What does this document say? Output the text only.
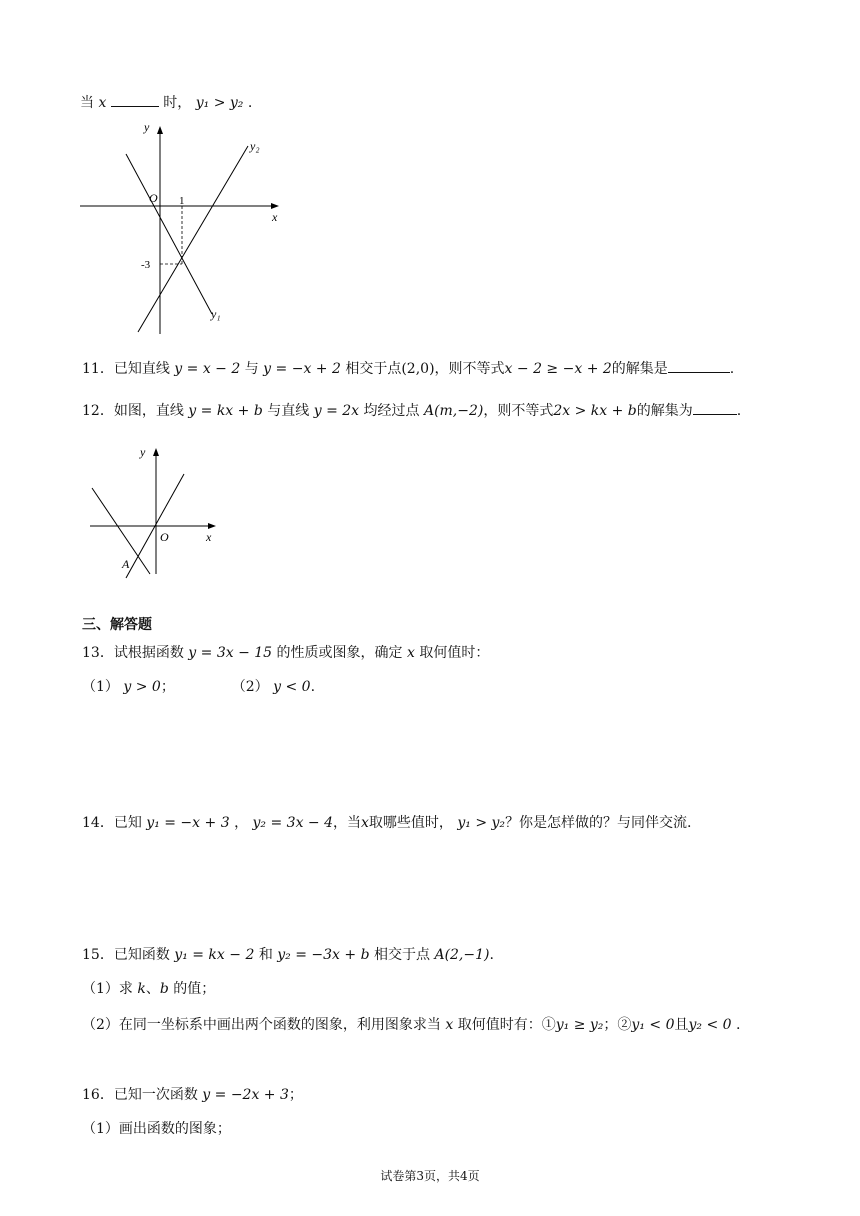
当 x	时， y₁ > y₂ .
y
x
O 1
-3
y₂
y₁
11．已知直线 y = x − 2 与 y = −x + 2 相交于点(2,0)，则不等式x − 2 ≥ −x + 2的解集是	.
12．如图，直线 y = kx + b 与直线 y = 2x 均经过点 A(m,−2)，则不等式2x > kx + b的解集为	.
y
x
O
A
三、解答题
13．试根据函数 y = 3x − 15 的性质或图象，确定 x 取何值时：
（1） y > 0；	（2） y < 0.
14．已知 y₁ = −x + 3 ， y₂ = 3x − 4，当x取哪些值时， y₁ > y₂？你是怎样做的？与同伴交流.
15．已知函数 y₁ = kx − 2 和 y₂ = −3x + b 相交于点 A(2,−1).
（1）求 k、b 的值；
（2）在同一坐标系中画出两个函数的图象，利用图象求当 x 取何值时有：①y₁ ≥ y₂；②y₁ < 0且y₂ < 0 .
16．已知一次函数 y = −2x + 3；
（1）画出函数的图象；
试卷第3页，共4页
